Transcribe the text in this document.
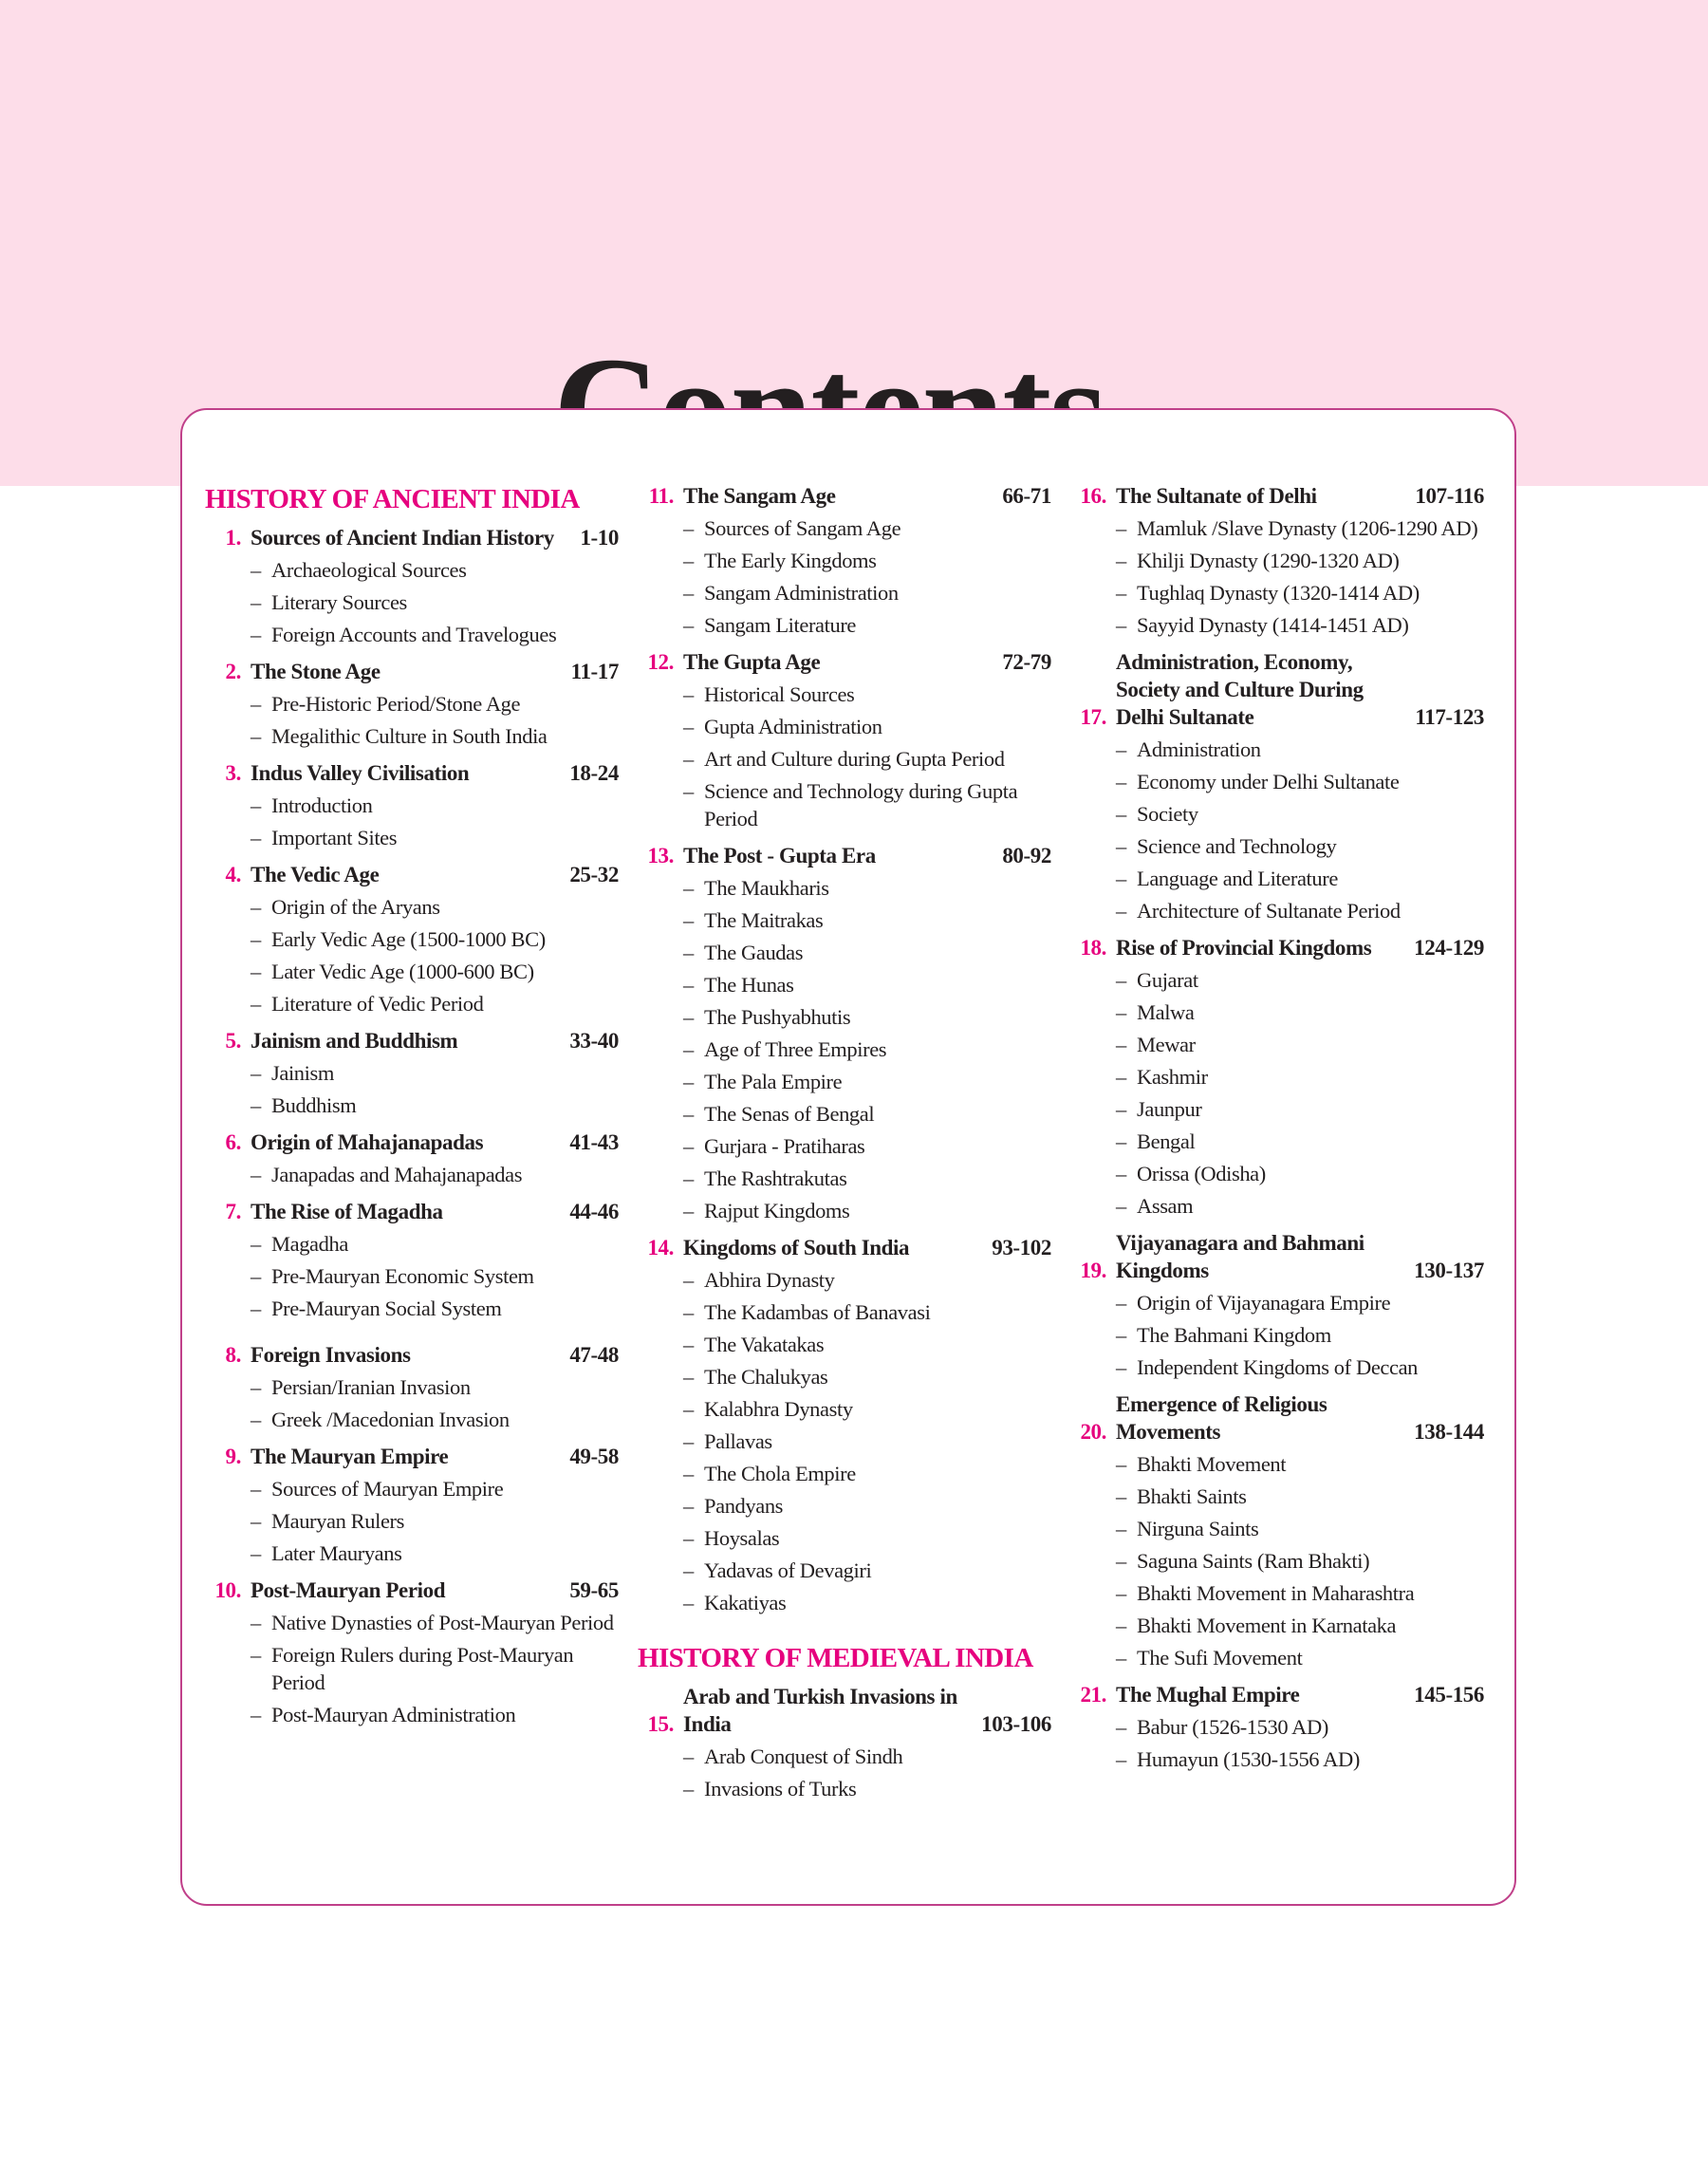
HISTORY OF ANCIENT INDIA
1. Sources of Ancient Indian History	1-10
– Archaeological Sources
– Literary Sources
– Foreign Accounts and Travelogues
2. The Stone Age	11-17
– Pre-Historic Period/Stone Age
– Megalithic Culture in South India
3. Indus Valley Civilisation	18-24
– Introduction
– Important Sites
4. The Vedic Age	25-32
– Origin of the Aryans
– Early Vedic Age (1500-1000 BC)
– Later Vedic Age (1000-600 BC)
– Literature of Vedic Period
5. Jainism and Buddhism	33-40
– Jainism
– Buddhism
6. Origin of Mahajanapadas	41-43
– Janapadas and Mahajanapadas
7. The Rise of Magadha	44-46
– Magadha
– Pre-Mauryan Economic System
– Pre-Mauryan Social System
8. Foreign Invasions	47-48
– Persian/Iranian Invasion
– Greek /Macedonian Invasion
9. The Mauryan Empire	49-58
– Sources of Mauryan Empire
– Mauryan Rulers
– Later Mauryans
10. Post-Mauryan Period	59-65
– Native Dynasties of Post-Mauryan Period
– Foreign Rulers during Post-Mauryan Period
– Post-Mauryan Administration
11. The Sangam Age	66-71
– Sources of Sangam Age
– The Early Kingdoms
– Sangam Administration
– Sangam Literature
12. The Gupta Age	72-79
– Historical Sources
– Gupta Administration
– Art and Culture during Gupta Period
– Science and Technology during Gupta Period
13. The Post - Gupta Era	80-92
– The Maukharis
– The Maitrakas
– The Gaudas
– The Hunas
– The Pushyabhutis
– Age of Three Empires
– The Pala Empire
– The Senas of Bengal
– Gurjara - Pratiharas
– The Rashtrakutas
– Rajput Kingdoms
14. Kingdoms of South India	93-102
– Abhira Dynasty
– The Kadambas of Banavasi
– The Vakatakas
– The Chalukyas
– Kalabhra Dynasty
– Pallavas
– The Chola Empire
– Pandyans
– Hoysalas
– Yadavas of Devagiri
– Kakatiyas
HISTORY OF MEDIEVAL INDIA
15.
Arab and Turkish Invasions in India	103-106
– Arab Conquest of Sindh
– Invasions of Turks
16. The Sultanate of Delhi	107-116
– Mamluk /Slave Dynasty (1206-1290 AD)
– Khilji Dynasty (1290-1320 AD)
– Tughlaq Dynasty (1320-1414 AD)
– Sayyid Dynasty (1414-1451 AD)
17.
Administration, Economy, Society and Culture During Delhi Sultanate	117-123
– Administration
– Economy under Delhi Sultanate
– Society
– Science and Technology
– Language and Literature
– Architecture of Sultanate Period
18. Rise of Provincial Kingdoms	124-129
– Gujarat
– Malwa
– Mewar
– Kashmir
– Jaunpur
– Bengal
– Orissa (Odisha)
– Assam
19.
Vijayanagara and Bahmani Kingdoms	130-137
– Origin of Vijayanagara Empire
– The Bahmani Kingdom
– Independent Kingdoms of Deccan
20.
Emergence of Religious Movements	138-144
– Bhakti Movement
– Bhakti Saints
– Nirguna Saints
– Saguna Saints (Ram Bhakti)
– Bhakti Movement in Maharashtra
– Bhakti Movement in Karnataka
– The Sufi Movement
21. The Mughal Empire	145-156
– Babur (1526-1530 AD)
– Humayun (1530-1556 AD)
